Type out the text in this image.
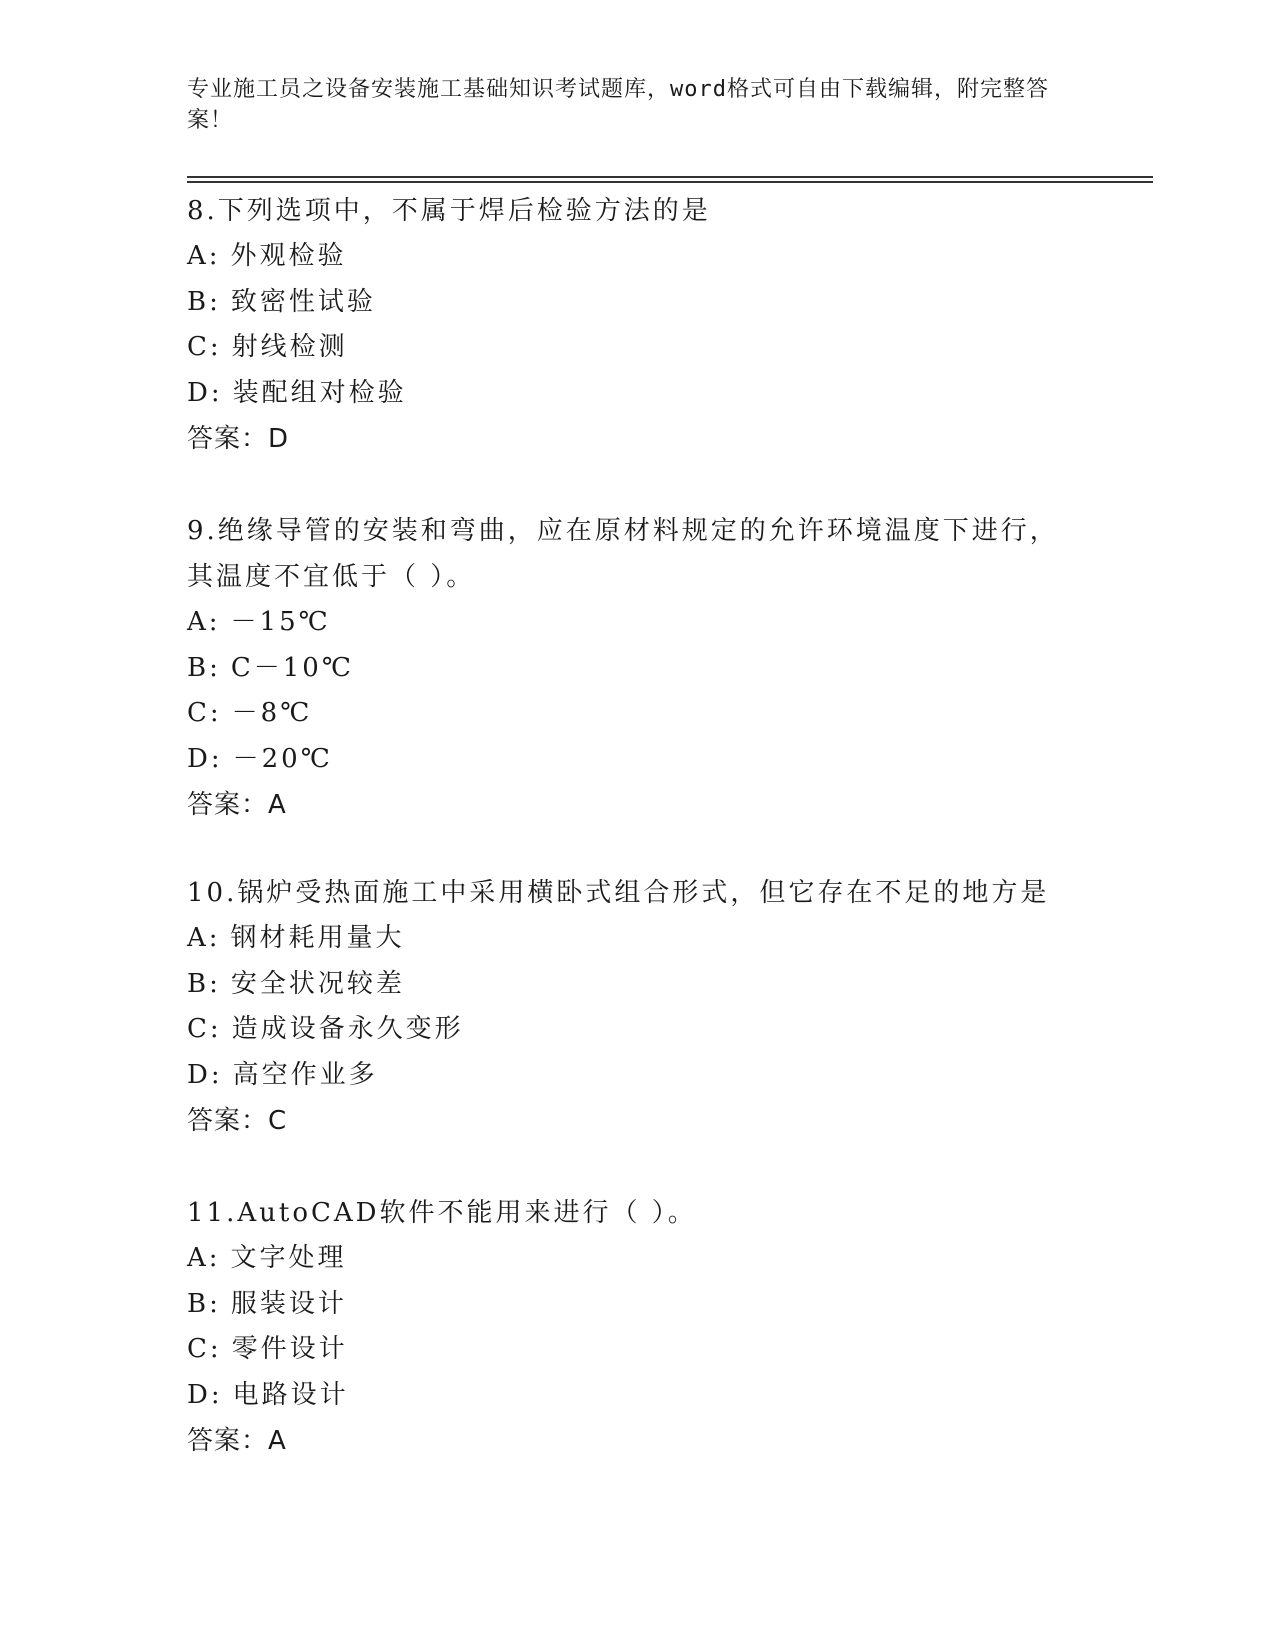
专业施工员之设备安装施工基础知识考试题库，word格式可自由下载编辑，附完整答案！
8.下列选项中，不属于焊后检验方法的是
A: 外观检验
B: 致密性试验
C: 射线检测
D: 装配组对检验
答案：D
9.绝缘导管的安装和弯曲，应在原材料规定的允许环境温度下进行，其温度不宜低于（ ）。
A: －15℃
B: C－10℃
C: －8℃
D: －20℃
答案：A
10.锅炉受热面施工中采用横卧式组合形式，但它存在不足的地方是
A: 钢材耗用量大
B: 安全状况较差
C: 造成设备永久变形
D: 高空作业多
答案：C
11.AutoCAD软件不能用来进行（ ）。
A: 文字处理
B: 服装设计
C: 零件设计
D: 电路设计
答案：A
